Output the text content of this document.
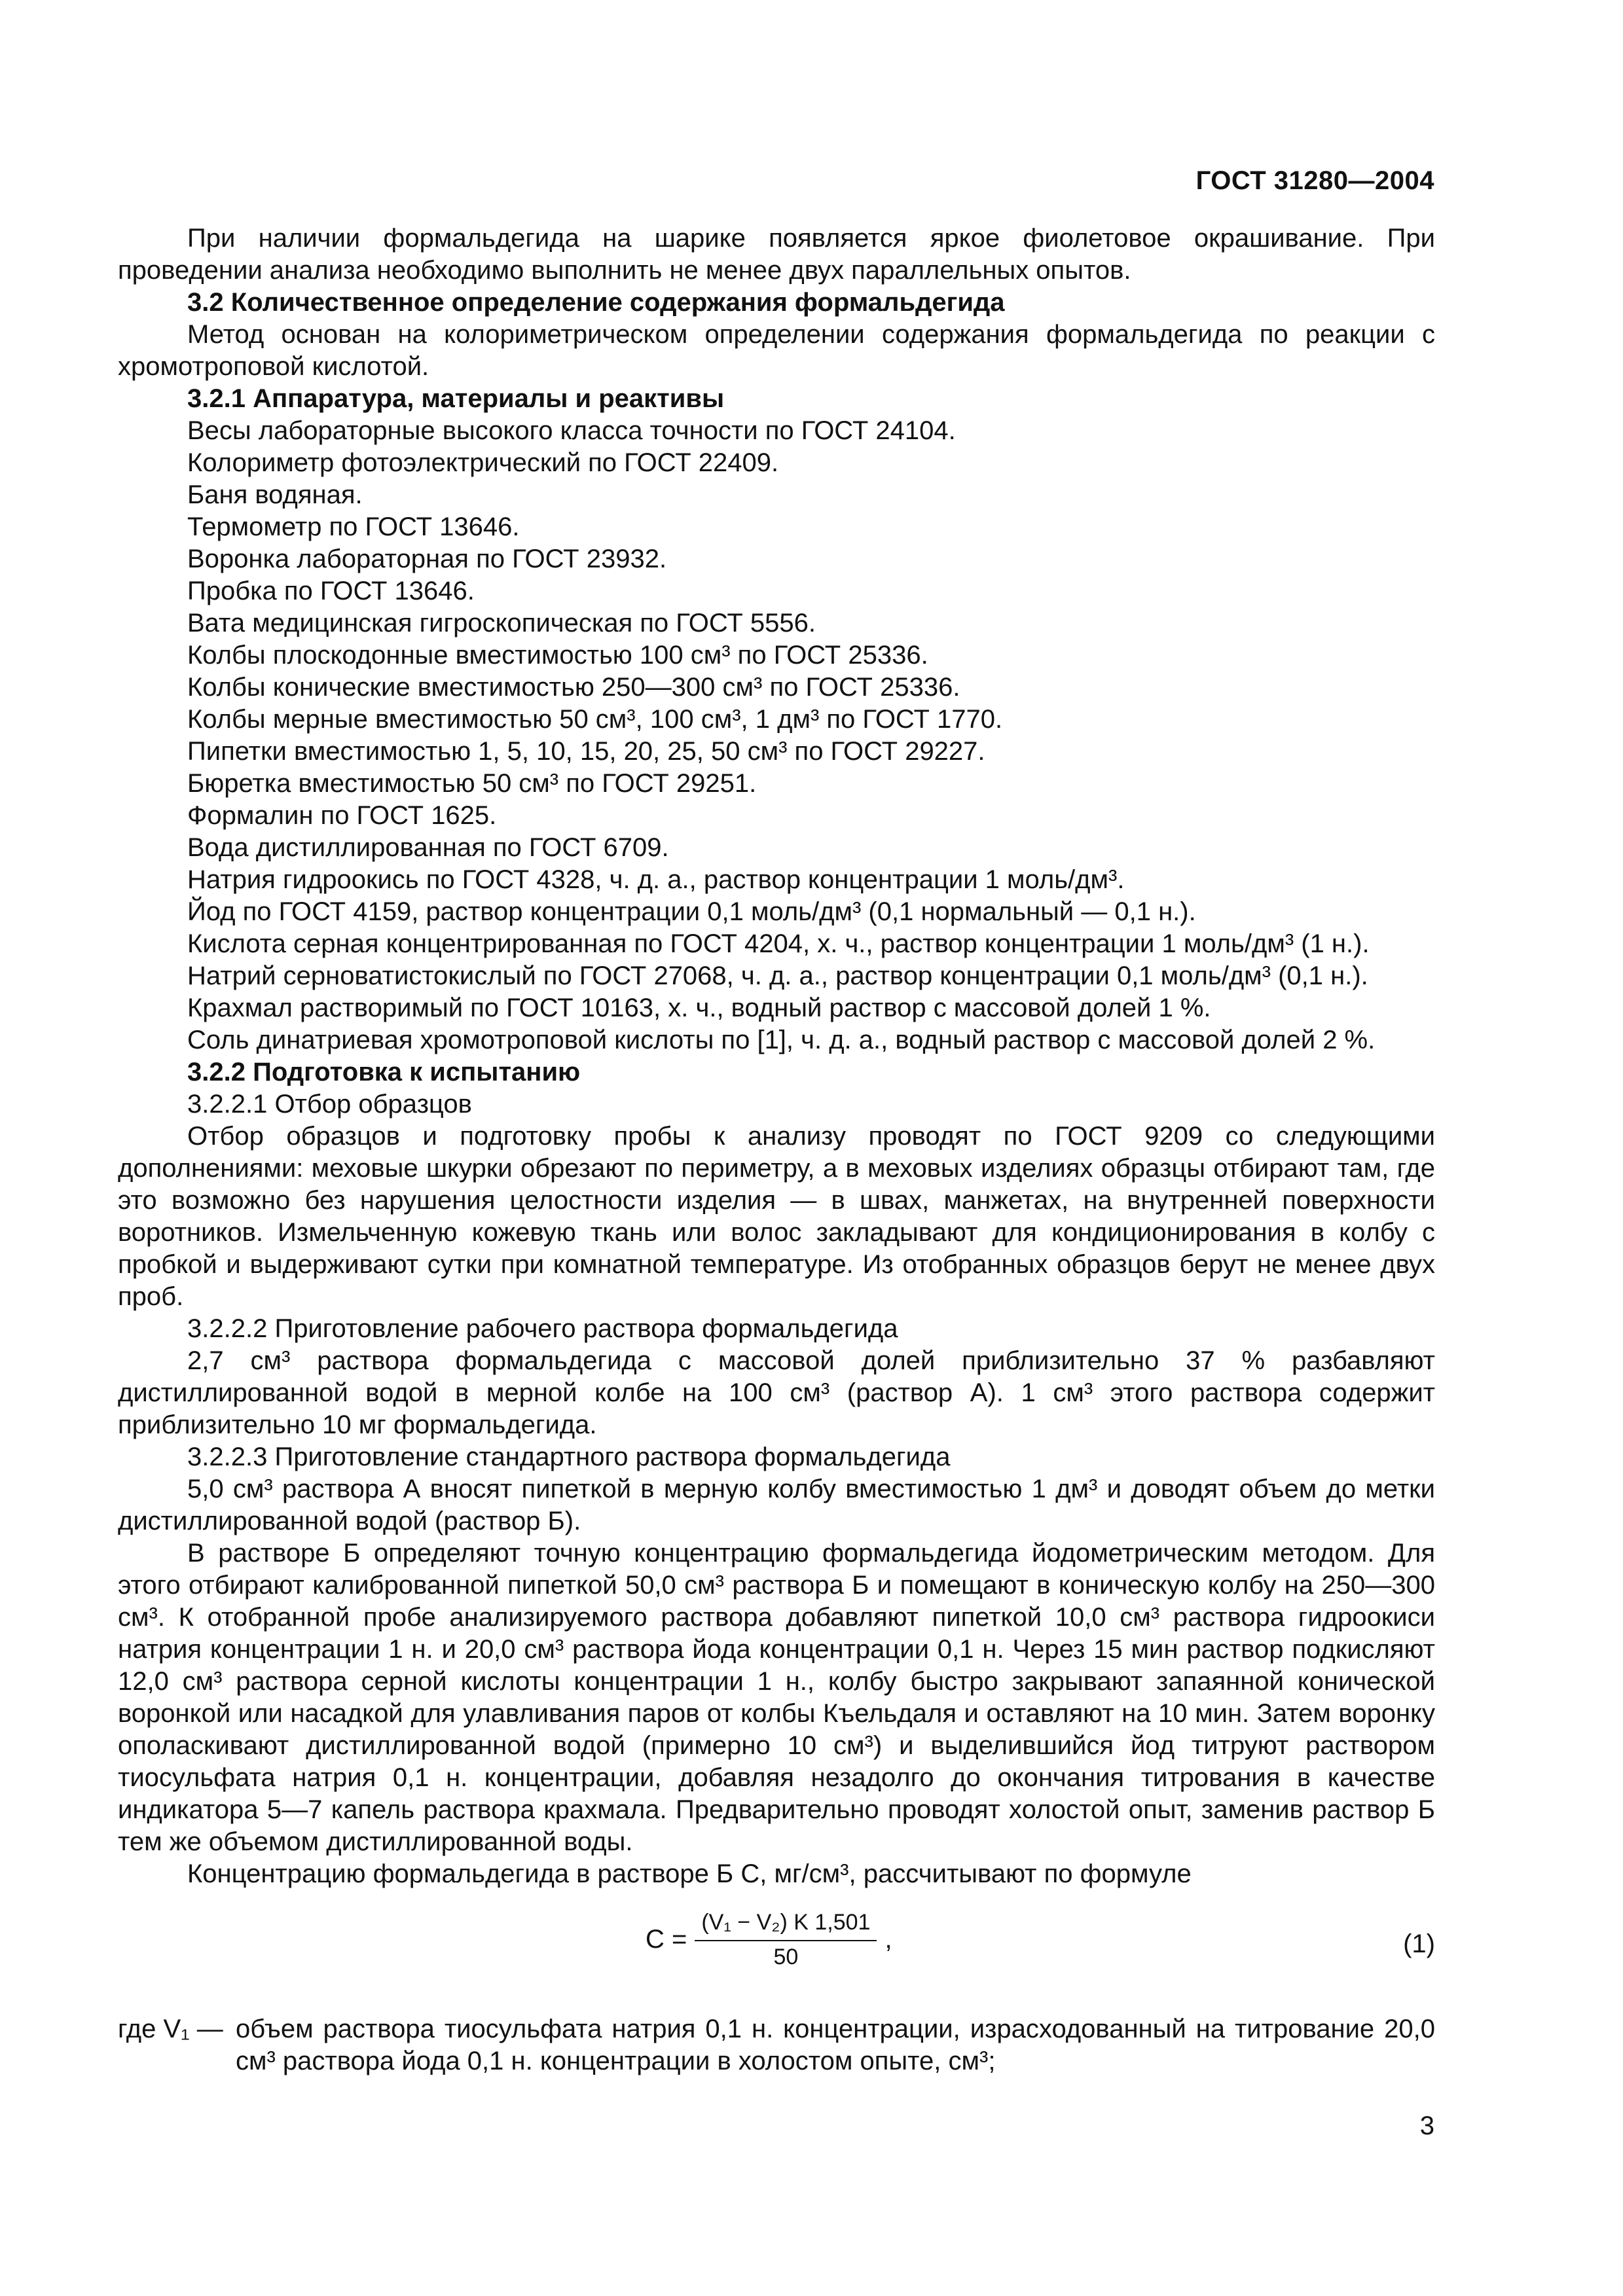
ГОСТ 31280—2004

При наличии формальдегида на шарике появляется яркое фиолетовое окрашивание. При проведении анализа необходимо выполнить не менее двух параллельных опытов.

3.2 Количественное определение содержания формальдегида

Метод основан на колориметрическом определении содержания формальдегида по реакции с хромотроповой кислотой.

3.2.1 Аппаратура, материалы и реактивы

Весы лабораторные высокого класса точности по ГОСТ 24104.

Колориметр фотоэлектрический по ГОСТ 22409.

Баня водяная.

Термометр по ГОСТ 13646.

Воронка лабораторная по ГОСТ 23932.

Пробка по ГОСТ 13646.

Вата медицинская гигроскопическая по ГОСТ 5556.

Колбы плоскодонные вместимостью 100 см³ по ГОСТ 25336.

Колбы конические вместимостью 250—300 см³ по ГОСТ 25336.

Колбы мерные вместимостью 50 см³, 100 см³, 1 дм³ по ГОСТ 1770.

Пипетки вместимостью 1, 5, 10, 15, 20, 25, 50 см³ по ГОСТ 29227.

Бюретка вместимостью 50 см³ по ГОСТ 29251.

Формалин по ГОСТ 1625.

Вода дистиллированная по ГОСТ 6709.

Натрия гидроокись по ГОСТ 4328, ч. д. а., раствор концентрации 1 моль/дм³.

Йод по ГОСТ 4159, раствор концентрации 0,1 моль/дм³ (0,1 нормальный — 0,1 н.).

Кислота серная концентрированная по ГОСТ 4204, х. ч., раствор концентрации 1 моль/дм³ (1 н.).

Натрий серноватистокислый по ГОСТ 27068, ч. д. а., раствор концентрации 0,1 моль/дм³ (0,1 н.).

Крахмал растворимый по ГОСТ 10163, х. ч., водный раствор с массовой долей 1 %.

Соль динатриевая хромотроповой кислоты по [1], ч. д. а., водный раствор с массовой долей 2 %.

3.2.2 Подготовка к испытанию

3.2.2.1 Отбор образцов

Отбор образцов и подготовку пробы к анализу проводят по ГОСТ 9209 со следующими дополнениями: меховые шкурки обрезают по периметру, а в меховых изделиях образцы отбирают там, где это возможно без нарушения целостности изделия — в швах, манжетах, на внутренней поверхности воротников. Измельченную кожевую ткань или волос закладывают для кондиционирования в колбу с пробкой и выдерживают сутки при комнатной температуре. Из отобранных образцов берут не менее двух проб.

3.2.2.2 Приготовление рабочего раствора формальдегида

2,7 см³ раствора формальдегида с массовой долей приблизительно 37 % разбавляют дистиллированной водой в мерной колбе на 100 см³ (раствор А). 1 см³ этого раствора содержит приблизительно 10 мг формальдегида.

3.2.2.3 Приготовление стандартного раствора формальдегида

5,0 см³ раствора А вносят пипеткой в мерную колбу вместимостью 1 дм³ и доводят объем до метки дистиллированной водой (раствор Б).

В растворе Б определяют точную концентрацию формальдегида йодометрическим методом. Для этого отбирают калиброванной пипеткой 50,0 см³ раствора Б и помещают в коническую колбу на 250—300 см³. К отобранной пробе анализируемого раствора добавляют пипеткой 10,0 см³ раствора гидроокиси натрия концентрации 1 н. и 20,0 см³ раствора йода концентрации 0,1 н. Через 15 мин раствор подкисляют 12,0 см³ раствора серной кислоты концентрации 1 н., колбу быстро закрывают запаянной конической воронкой или насадкой для улавливания паров от колбы Къельдаля и оставляют на 10 мин. Затем воронку ополаскивают дистиллированной водой (примерно 10 см³) и выделившийся йод титруют раствором тиосульфата натрия 0,1 н. концентрации, добавляя незадолго до окончания титрования в качестве индикатора 5—7 капель раствора крахмала. Предварительно проводят холостой опыт, заменив раствор Б тем же объемом дистиллированной воды.

Концентрацию формальдегида в растворе Б C, мг/см³, рассчитывают по формуле

$C = \frac{\text{(V₁ − V₂) K 1,501}}{50}$ ,	(1)
где V₁ — объем раствора тиосульфата натрия 0,1 н. концентрации, израсходованный на титрование 20,0 см³ раствора йода 0,1 н. концентрации в холостом опыте, см³;
3
